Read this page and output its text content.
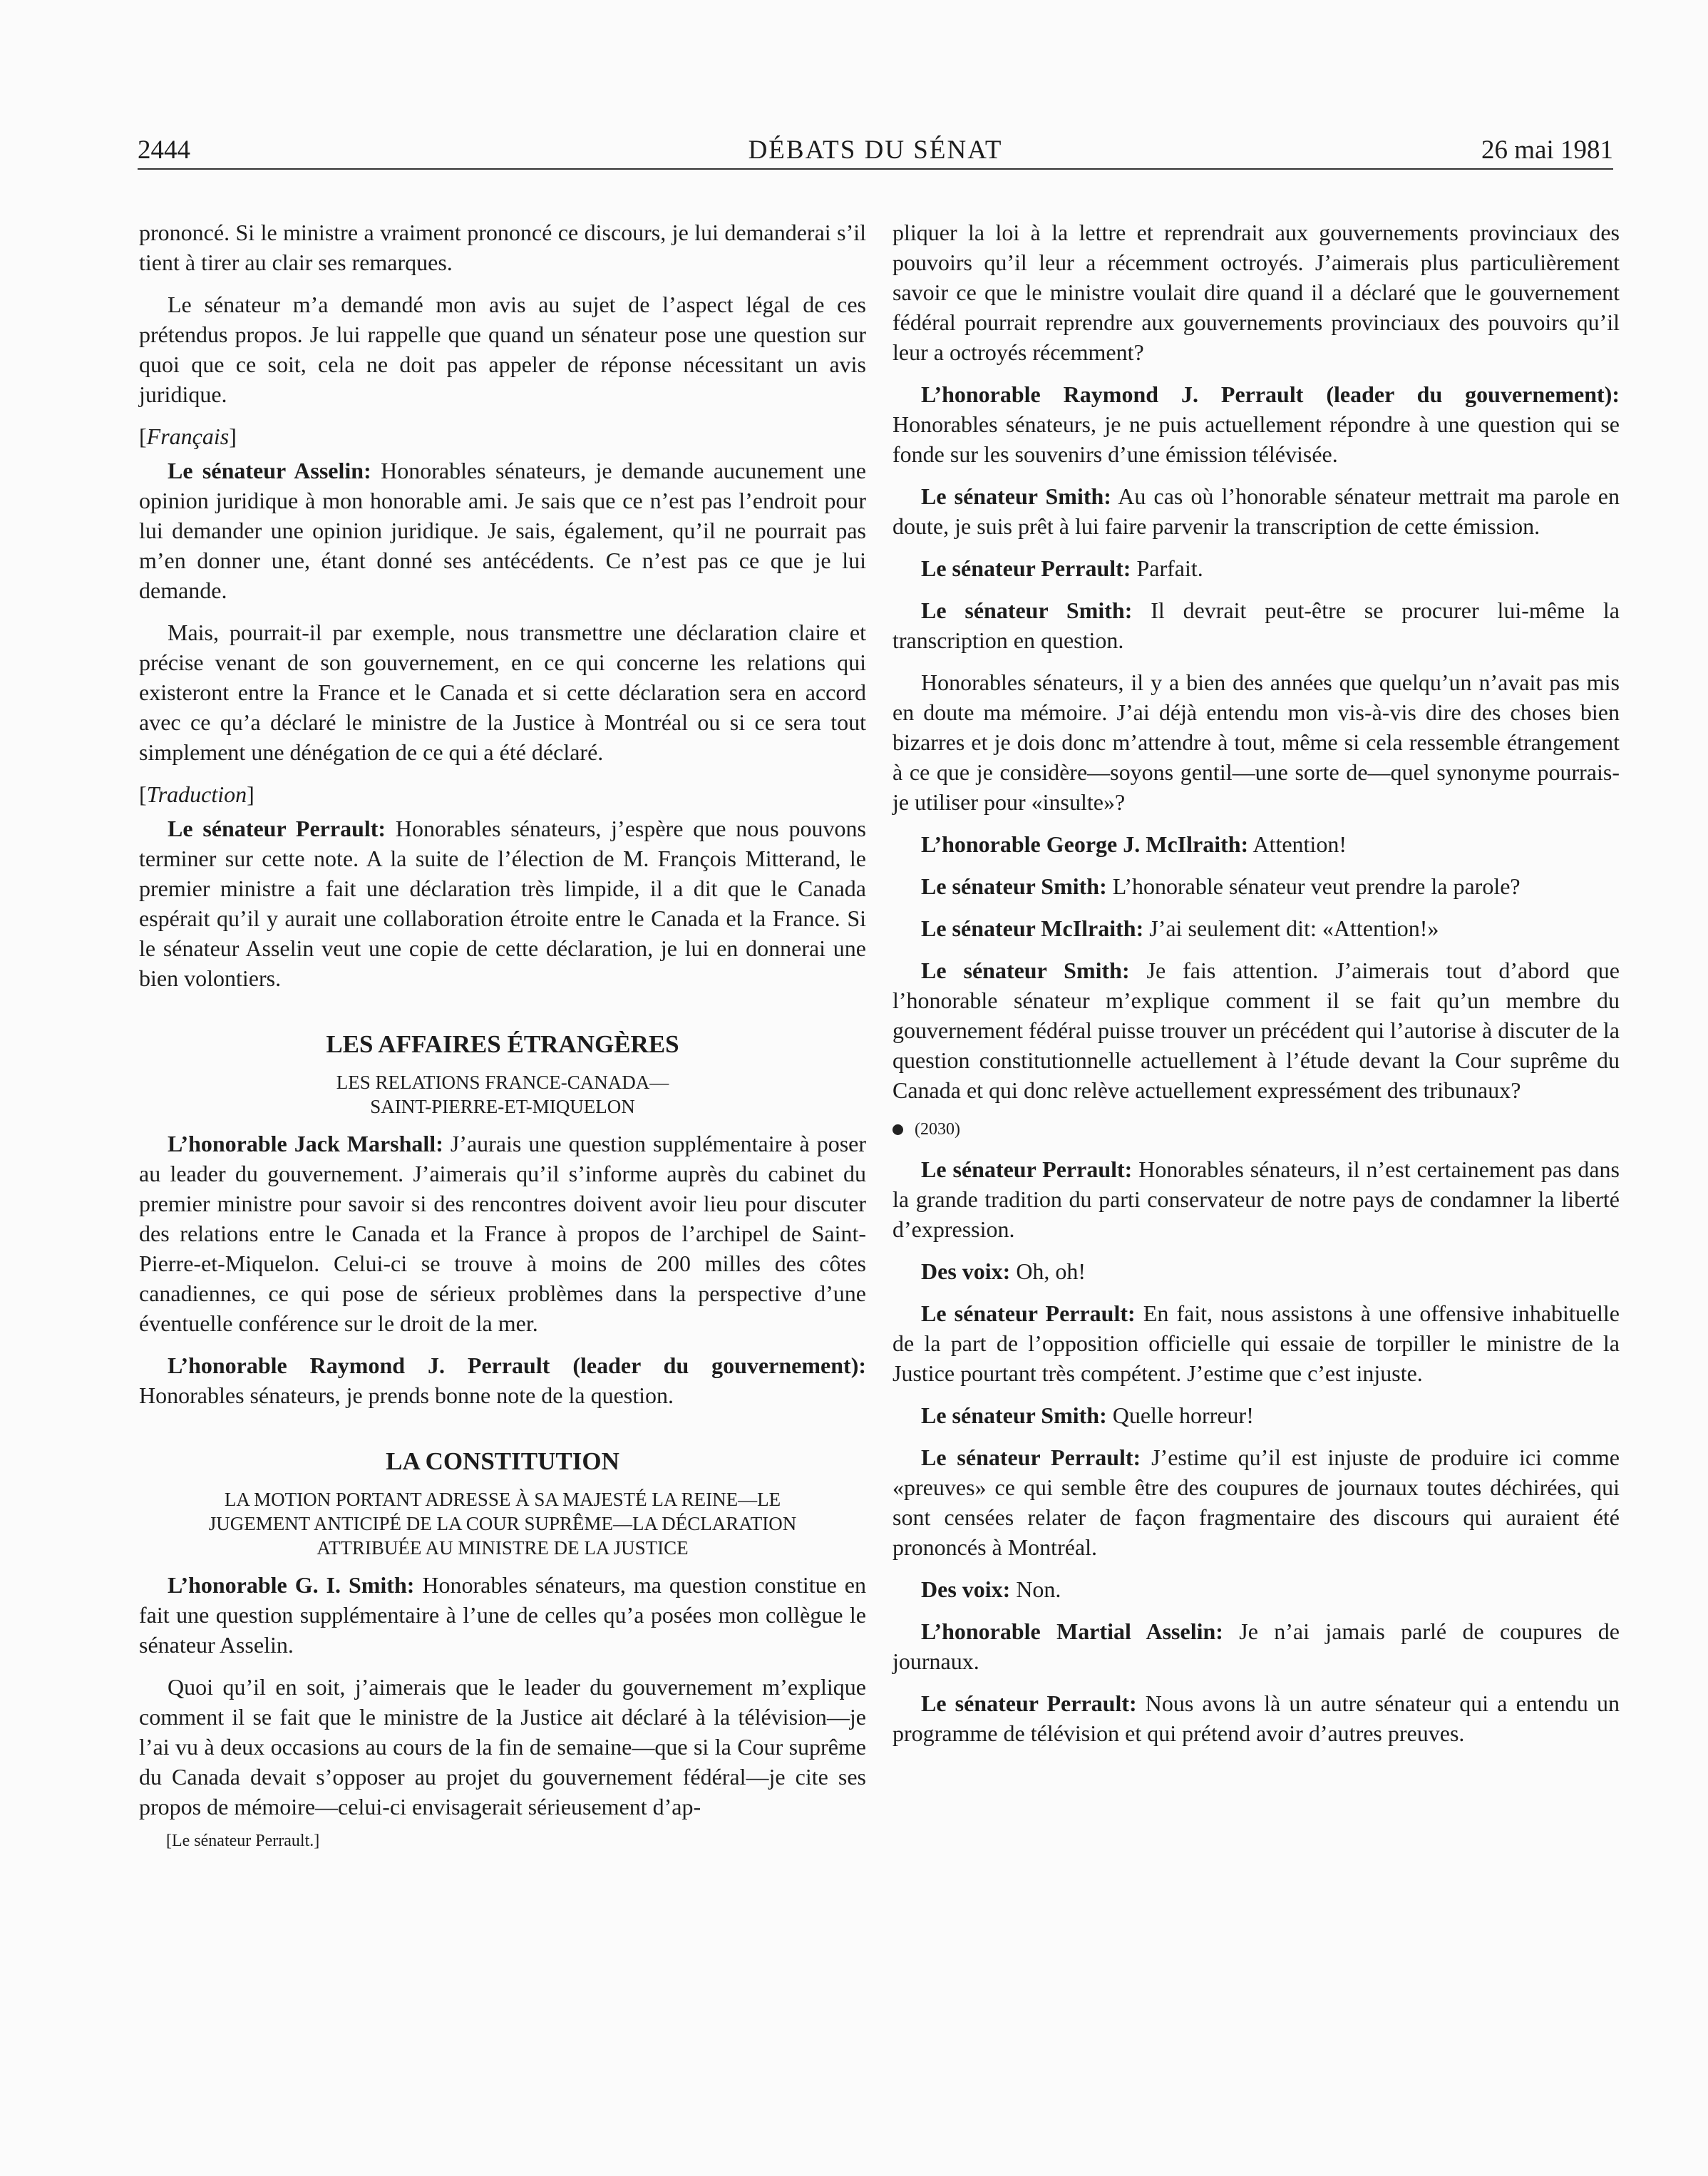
2444	DÉBATS DU SÉNAT	26 mai 1981

prononcé. Si le ministre a vraiment prononcé ce discours, je lui demanderai s’il tient à tirer au clair ses remarques.

Le sénateur m’a demandé mon avis au sujet de l’aspect légal de ces prétendus propos. Je lui rappelle que quand un sénateur pose une question sur quoi que ce soit, cela ne doit pas appeler de réponse nécessitant un avis juridique.

[Français]

Le sénateur Asselin: Honorables sénateurs, je demande aucunement une opinion juridique à mon honorable ami. Je sais que ce n’est pas l’endroit pour lui demander une opinion juridique. Je sais, également, qu’il ne pourrait pas m’en donner une, étant donné ses antécédents. Ce n’est pas ce que je lui demande.

Mais, pourrait-il par exemple, nous transmettre une déclaration claire et précise venant de son gouvernement, en ce qui concerne les relations qui existeront entre la France et le Canada et si cette déclaration sera en accord avec ce qu’a déclaré le ministre de la Justice à Montréal ou si ce sera tout simplement une dénégation de ce qui a été déclaré.

[Traduction]

Le sénateur Perrault: Honorables sénateurs, j’espère que nous pouvons terminer sur cette note. A la suite de l’élection de M. François Mitterand, le premier ministre a fait une déclaration très limpide, il a dit que le Canada espérait qu’il y aurait une collaboration étroite entre le Canada et la France. Si le sénateur Asselin veut une copie de cette déclaration, je lui en donnerai une bien volontiers.

LES AFFAIRES ÉTRANGÈRES
LES RELATIONS FRANCE-CANADA—
SAINT-PIERRE-ET-MIQUELON

L’honorable Jack Marshall: J’aurais une question supplémentaire à poser au leader du gouvernement. J’aimerais qu’il s’informe auprès du cabinet du premier ministre pour savoir si des rencontres doivent avoir lieu pour discuter des relations entre le Canada et la France à propos de l’archipel de Saint-Pierre-et-Miquelon. Celui-ci se trouve à moins de 200 milles des côtes canadiennes, ce qui pose de sérieux problèmes dans la perspective d’une éventuelle conférence sur le droit de la mer.

L’honorable Raymond J. Perrault (leader du gouvernement): Honorables sénateurs, je prends bonne note de la question.

LA CONSTITUTION
LA MOTION PORTANT ADRESSE À SA MAJESTÉ LA REINE—LE
JUGEMENT ANTICIPÉ DE LA COUR SUPRÊME—LA DÉCLARATION
ATTRIBUÉE AU MINISTRE DE LA JUSTICE

L’honorable G. I. Smith: Honorables sénateurs, ma question constitue en fait une question supplémentaire à l’une de celles qu’a posées mon collègue le sénateur Asselin.

Quoi qu’il en soit, j’aimerais que le leader du gouvernement m’explique comment il se fait que le ministre de la Justice ait déclaré à la télévision—je l’ai vu à deux occasions au cours de la fin de semaine—que si la Cour suprême du Canada devait s’opposer au projet du gouvernement fédéral—je cite ses propos de mémoire—celui-ci envisagerait sérieusement d’ap-

[Le sénateur Perrault.]

pliquer la loi à la lettre et reprendrait aux gouvernements provinciaux des pouvoirs qu’il leur a récemment octroyés. J’aimerais plus particulièrement savoir ce que le ministre voulait dire quand il a déclaré que le gouvernement fédéral pourrait reprendre aux gouvernements provinciaux des pouvoirs qu’il leur a octroyés récemment?

L’honorable Raymond J. Perrault (leader du gouvernement): Honorables sénateurs, je ne puis actuellement répondre à une question qui se fonde sur les souvenirs d’une émission télévisée.

Le sénateur Smith: Au cas où l’honorable sénateur mettrait ma parole en doute, je suis prêt à lui faire parvenir la transcription de cette émission.

Le sénateur Perrault: Parfait.

Le sénateur Smith: Il devrait peut-être se procurer lui-même la transcription en question.

Honorables sénateurs, il y a bien des années que quelqu’un n’avait pas mis en doute ma mémoire. J’ai déjà entendu mon vis-à-vis dire des choses bien bizarres et je dois donc m’attendre à tout, même si cela ressemble étrangement à ce que je considère—soyons gentil—une sorte de—quel synonyme pourrais-je utiliser pour «insulte»?

L’honorable George J. McIlraith: Attention!

Le sénateur Smith: L’honorable sénateur veut prendre la parole?

Le sénateur McIlraith: J’ai seulement dit: «Attention!»

Le sénateur Smith: Je fais attention. J’aimerais tout d’abord que l’honorable sénateur m’explique comment il se fait qu’un membre du gouvernement fédéral puisse trouver un précédent qui l’autorise à discuter de la question constitutionnelle actuellement à l’étude devant la Cour suprême du Canada et qui donc relève actuellement expressément des tribunaux?

(2030)

Le sénateur Perrault: Honorables sénateurs, il n’est certainement pas dans la grande tradition du parti conservateur de notre pays de condamner la liberté d’expression.

Des voix: Oh, oh!

Le sénateur Perrault: En fait, nous assistons à une offensive inhabituelle de la part de l’opposition officielle qui essaie de torpiller le ministre de la Justice pourtant très compétent. J’estime que c’est injuste.

Le sénateur Smith: Quelle horreur!

Le sénateur Perrault: J’estime qu’il est injuste de produire ici comme «preuves» ce qui semble être des coupures de journaux toutes déchirées, qui sont censées relater de façon fragmentaire des discours qui auraient été prononcés à Montréal.

Des voix: Non.

L’honorable Martial Asselin: Je n’ai jamais parlé de coupures de journaux.

Le sénateur Perrault: Nous avons là un autre sénateur qui a entendu un programme de télévision et qui prétend avoir d’autres preuves.
